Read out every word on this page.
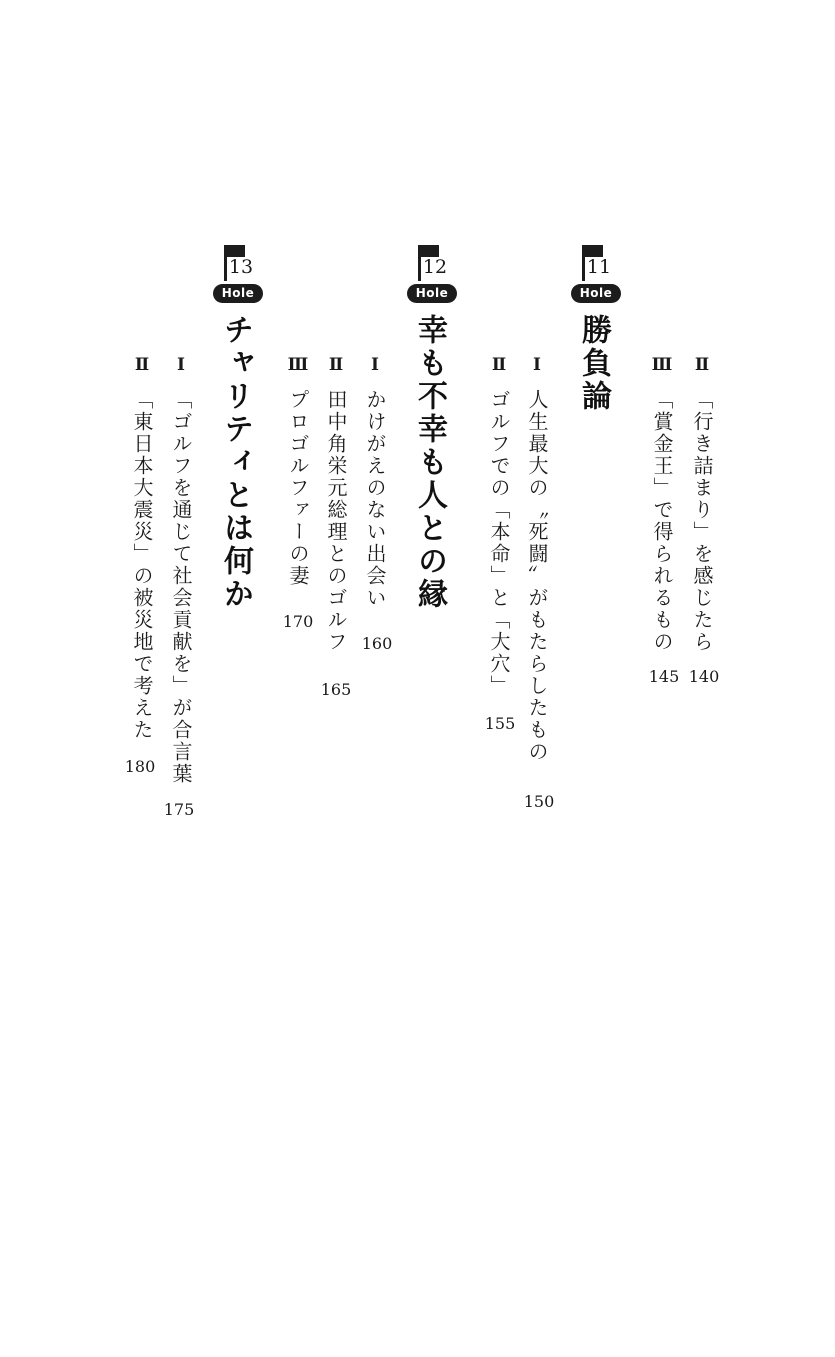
Ⅱ「行き詰まり」を感じたら
140
Ⅲ「賞金王」で得られるもの
145
11
Hole
勝負論
Ⅰ人生最大の〝死闘〟がもたらしたもの
150
Ⅱゴルフでの「本命」と「大穴」
155
12
Hole
幸も不幸も人との縁
Ⅰかけがえのない出会い
160
Ⅱ田中角栄元総理とのゴルフ
165
Ⅲプロゴルファーの妻
170
13
Hole
チャリティとは何か
Ⅰ「ゴルフを通じて社会貢献を」が合言葉
175
Ⅱ「東日本大震災」の被災地で考えた
180
